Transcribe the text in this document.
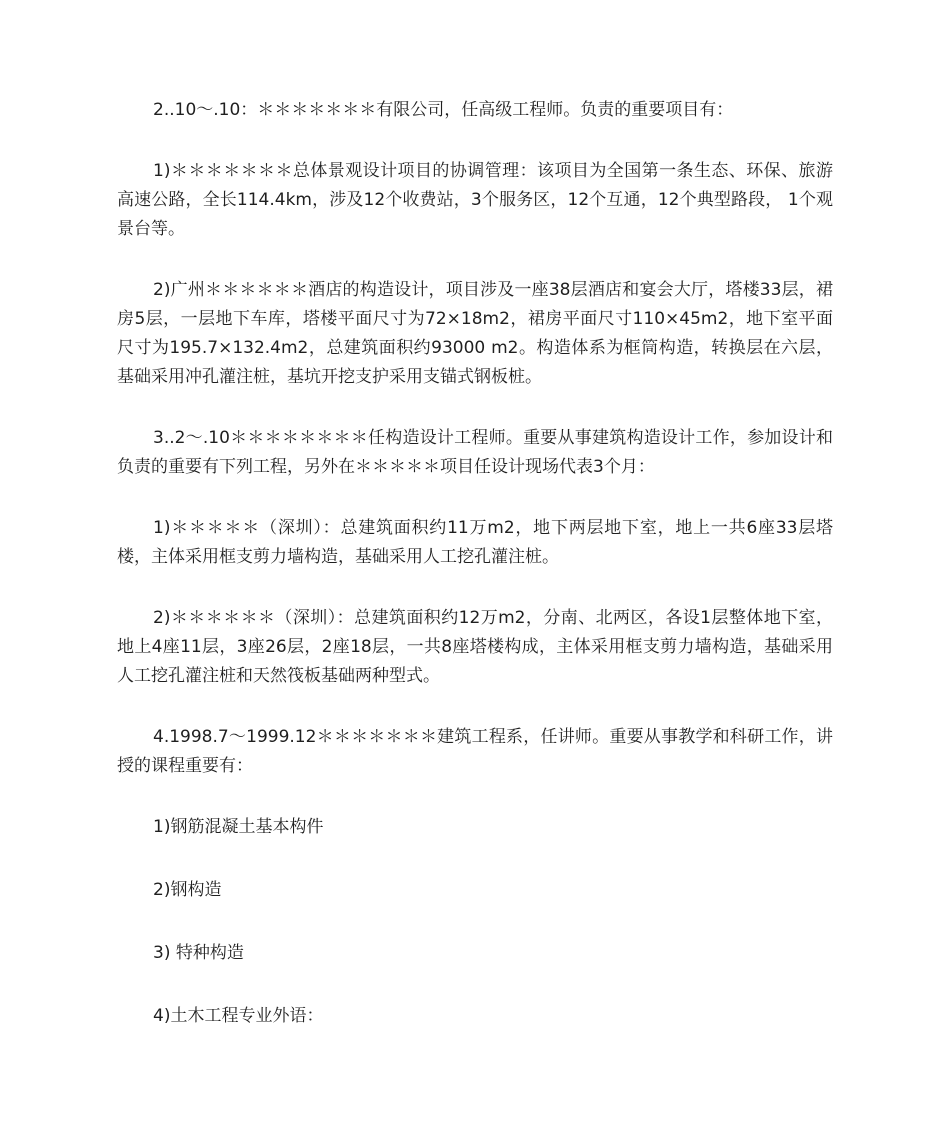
2..10～.10：＊＊＊＊＊＊＊有限公司，任高级工程师。负责的重要项目有：

1)＊＊＊＊＊＊＊总体景观设计项目的协调管理：该项目为全国第一条生态、环保、旅游高速公路，全长114.4km，涉及12个收费站，3个服务区，12个互通，12个典型路段， 1个观景台等。

2)广州＊＊＊＊＊＊酒店的构造设计，项目涉及一座38层酒店和宴会大厅，塔楼33层，裙房5层，一层地下车库，塔楼平面尺寸为72×18m2，裙房平面尺寸110×45m2，地下室平面尺寸为195.7×132.4m2，总建筑面积约93000 m2。构造体系为框筒构造，转换层在六层，基础采用冲孔灌注桩，基坑开挖支护采用支锚式钢板桩。

3..2～.10＊＊＊＊＊＊＊＊任构造设计工程师。重要从事建筑构造设计工作，参加设计和负责的重要有下列工程，另外在＊＊＊＊＊项目任设计现场代表3个月：

1)＊＊＊＊＊（深圳）：总建筑面积约11万m2，地下两层地下室，地上一共6座33层塔楼，主体采用框支剪力墙构造，基础采用人工挖孔灌注桩。

2)＊＊＊＊＊＊（深圳）：总建筑面积约12万m2，分南、北两区，各设1层整体地下室，地上4座11层，3座26层，2座18层，一共8座塔楼构成，主体采用框支剪力墙构造，基础采用人工挖孔灌注桩和天然筏板基础两种型式。

4.1998.7～1999.12＊＊＊＊＊＊＊建筑工程系，任讲师。重要从事教学和科研工作，讲授的课程重要有：

1)钢筋混凝土基本构件

2)钢构造

3) 特种构造

4)土木工程专业外语：
